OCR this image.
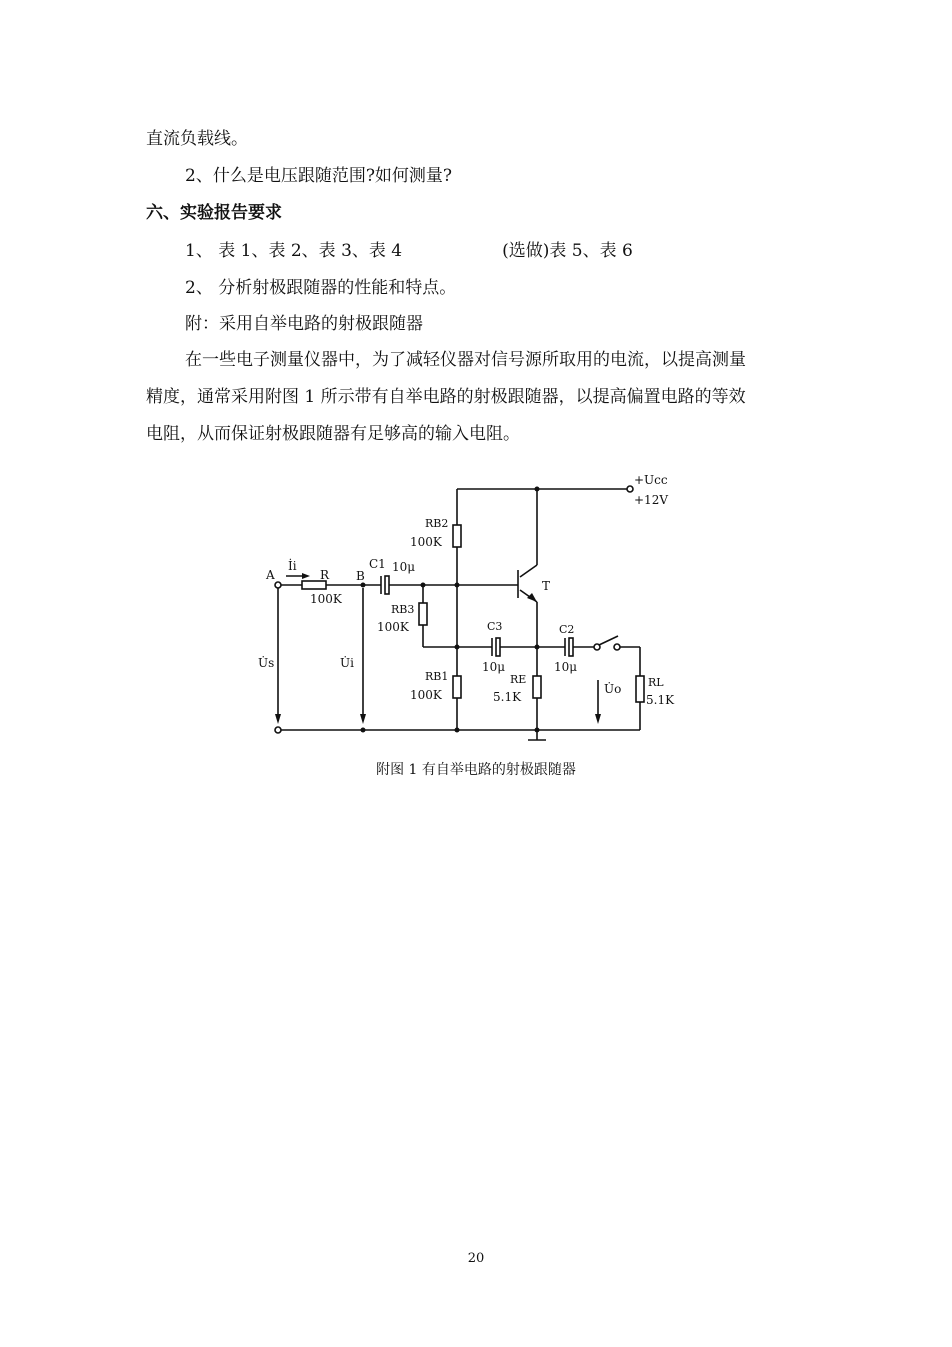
直流负载线。
2、什么是电压跟随范围?如何测量?
六、实验报告要求
1、 表 1、表 2、表 3、表 4	(选做)表 5、表 6
2、 分析射极跟随器的性能和特点。
附：采用自举电路的射极跟随器
在一些电子测量仪器中，为了减轻仪器对信号源所取用的电流，以提高测量
精度，通常采用附图 1 所示带有自举电路的射极跟随器，以提高偏置电路的等效
电阻，从而保证射极跟随器有足够高的输入电阻。
+Ucc
+12V
RB2
100K
İi
A	R
100K
B
C1 10μ
T
RB3
100K	C3
10μ
C2
10μ
U̇s	U̇i
RB1
100K
RE
5.1K
U̇o RL
5.1K
附图 1 有自举电路的射极跟随器
20
